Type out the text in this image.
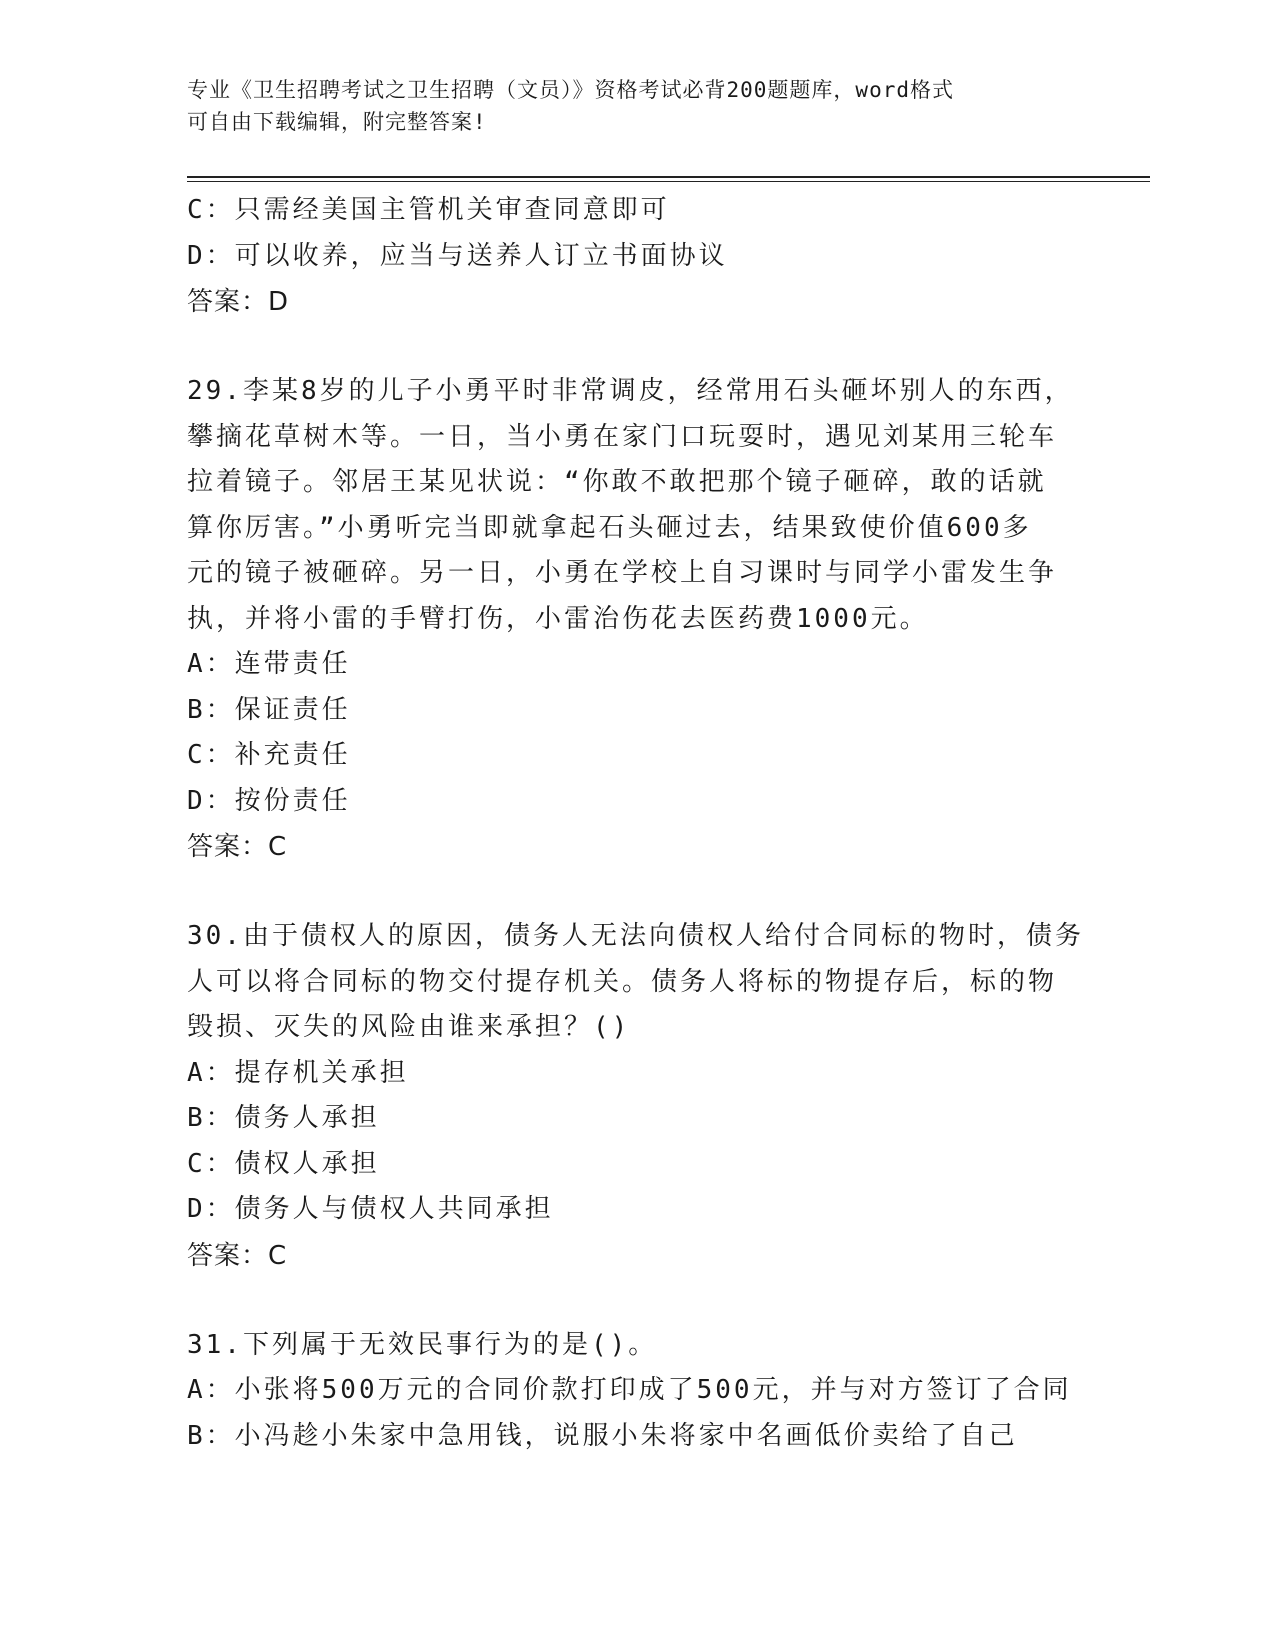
专业《卫生招聘考试之卫生招聘（文员）》资格考试必背200题题库，word格式
可自由下载编辑，附完整答案!
C：只需经美国主管机关审查同意即可
D：可以收养，应当与送养人订立书面协议
答案：D
29.李某8岁的儿子小勇平时非常调皮，经常用石头砸坏别人的东西，
攀摘花草树木等。一日，当小勇在家门口玩耍时，遇见刘某用三轮车
拉着镜子。邻居王某见状说：“你敢不敢把那个镜子砸碎，敢的话就
算你厉害。”小勇听完当即就拿起石头砸过去，结果致使价值600多
元的镜子被砸碎。另一日，小勇在学校上自习课时与同学小雷发生争
执，并将小雷的手臂打伤，小雷治伤花去医药费1000元。
A：连带责任
B：保证责任
C：补充责任
D：按份责任
答案：C
30.由于债权人的原因，债务人无法向债权人给付合同标的物时，债务
人可以将合同标的物交付提存机关。债务人将标的物提存后，标的物
毁损、灭失的风险由谁来承担？()
A：提存机关承担
B：债务人承担
C：债权人承担
D：债务人与债权人共同承担
答案：C
31.下列属于无效民事行为的是()。
A：小张将500万元的合同价款打印成了500元，并与对方签订了合同
B：小冯趁小朱家中急用钱，说服小朱将家中名画低价卖给了自己
